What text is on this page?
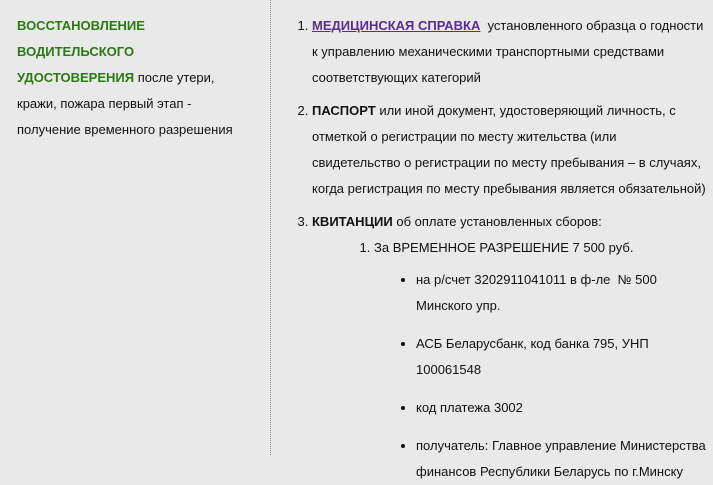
ВОССТАНОВЛЕНИЕ
ВОДИТЕЛЬСКОГО
УДОСТОВЕРЕНИЯ после утери,
кражи, пожара первый этап -
получение временного разрешения
1. МЕДИЦИНСКАЯ СПРАВКА  установленного образца о годности к управлению механическими транспортными средствами соответствующих категорий
2. ПАСПОРТ или иной документ, удостоверяющий личность, с отметкой о регистрации по месту жительства (или свидетельство о регистрации по месту пребывания – в случаях, когда регистрация по месту пребывания является обязательной)
3. КВИТАНЦИИ об оплате установленных сборов:
1. За ВРЕМЕННОЕ РАЗРЕШЕНИЕ 7 500 руб.
• на р/счет 3202911041011 в ф-ле  № 500 Минского упр.
• АСБ Беларусбанк, код банка 795, УНП 100061548
• код платежа 3002
• получатель: Главное управление Министерства финансов Республики Беларусь по г.Минску
